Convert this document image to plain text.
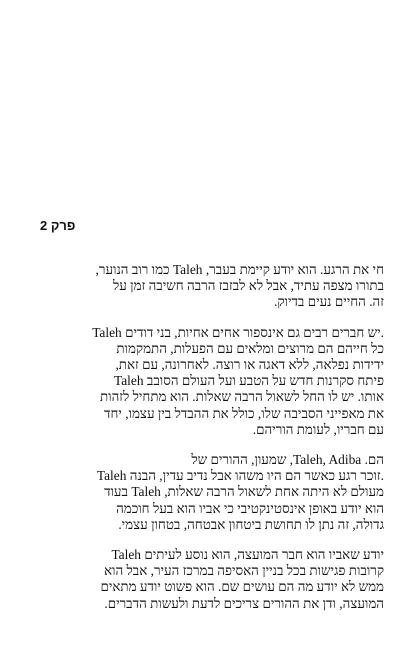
פרק 2
חי את הרגע. הוא יודע קיימת בעבר, Taleh כמו רוב הנוער,
בתורו מצפה עתיד, אבל לא לבזבז הרבה חשיבה זמן על
זה. החיים נעים בדיוק.
Taleh יש חברים רבים גם אינספור אחים אחיות, בני דודים.
כל חייהם הם מרוצים ומלאים עם הפעלות, התמקמות
ידידות נפלאה, ללא דאגה או רוצה. לאחרונה, עם זאת,
Taleh פיתח סקרנות חדש על הטבע ועל העולם הסובב
אותו. יש לו החל לשאול הרבה שאלות. הוא מתחיל לזהות
את מאפייני הסביבה שלו, כולל את ההבדל בין עצמו, יחד
עם חבריו, לעומת הוריהם.
הם. Taleh, Adiba, שמעון, ההורים של
Taleh זוכר רגע כאשר הם היו משהו אבל נדיב עדין, הבנה.
מעולם לא היתה אחת לשאול הרבה שאלות, Taleh בעוד
הוא יודע באופן אינסטינקטיבי כי אביו הוא בעל חוכמה
גדולה, זה נתן לו תחושת ביטחון אבטחה, בטחון עצמי.
Taleh יודע שאביו הוא חבר המועצה, הוא נוסע לעיתים
קרובות פגישות בכל בניין האסיפה במרכז העיר, אבל הוא
ממש לא יודע מה הם עושים שם. הוא פשוט יודע מתאים
המועצה, ודן את ההורים צריכים לדעת ולעשות הדברים.
